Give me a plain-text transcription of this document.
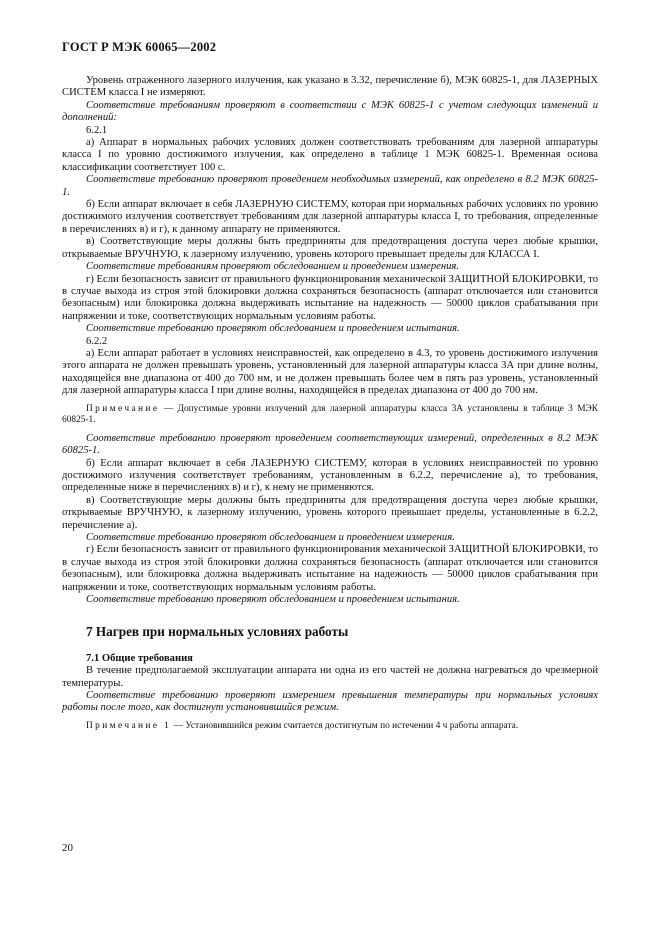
ГОСТ Р МЭК 60065—2002

Уровень отраженного лазерного излучения, как указано в 3.32, перечисление б), МЭК 60825-1, для ЛАЗЕРНЫХ СИСТЕМ класса I не измеряют.

Соответствие требованиям проверяют в соответствии с МЭК 60825-1 с учетом следующих изменений и дополнений:

6.2.1

а) Аппарат в нормальных рабочих условиях должен соответствовать требованиям для лазерной аппаратуры класса I по уровню достижимого излучения, как определено в таблице 1 МЭК 60825-1. Временная основа классификации соответствует 100 с.

Соответствие требованию проверяют проведением необходимых измерений, как определено в 8.2 МЭК 60825-1.

б) Если аппарат включает в себя ЛАЗЕРНУЮ СИСТЕМУ, которая при нормальных рабочих условиях по уровню достижимого излучения соответствует требованиям для лазерной аппаратуры класса I, то требования, определенные в перечислениях в) и г), к данному аппарату не применяются.

в) Соответствующие меры должны быть предприняты для предотвращения доступа через любые крышки, открываемые ВРУЧНУЮ, к лазерному излучению, уровень которого превышает пределы для КЛАССА I.

Соответствие требованиям проверяют обследованием и проведением измерения.

г) Если безопасность зависит от правильного функционирования механической ЗАЩИТНОЙ БЛОКИРОВКИ, то в случае выхода из строя этой блокировки должна сохраняться безопасность (аппарат отключается или становится безопасным) или блокировка должна выдерживать испытание на надежность — 50000 циклов срабатывания при напряжении и токе, соответствующих нормальным условиям работы.

Соответствие требованию проверяют обследованием и проведением испытания.

6.2.2

а) Если аппарат работает в условиях неисправностей, как определено в 4.3, то уровень достижимого излучения этого аппарата не должен превышать уровень, установленный для лазерной аппаратуры класса 3А при длине волны, находящейся вне диапазона от 400 до 700 нм, и не должен превышать более чем в пять раз уровень, установленный для лазерной аппаратуры класса I при длине волны, находящейся в пределах диапазона от 400 до 700 нм.

Примечание — Допустимые уровни излучений для лазерной аппаратуры класса 3А установлены в таблице 3 МЭК 60825-1.

Соответствие требованию проверяют проведением соответствующих измерений, определенных в 8.2 МЭК 60825-1.

б) Если аппарат включает в себя ЛАЗЕРНУЮ СИСТЕМУ, которая в условиях неисправностей по уровню достижимого излучения соответствует требованиям, установленным в 6.2.2, перечисление а), то требования, определенные ниже в перечислениях в) и г), к нему не применяются.

в) Соответствующие меры должны быть предприняты для предотвращения доступа через любые крышки, открываемые ВРУЧНУЮ, к лазерному излучению, уровень которого превышает пределы, установленные в 6.2.2, перечисление а).

Соответствие требованию проверяют обследованием и проведением измерения.

г) Если безопасность зависит от правильного функционирования механической ЗАЩИТНОЙ БЛОКИРОВКИ, то в случае выхода из строя этой блокировки должна сохраняться безопасность (аппарат отключается или становится безопасным), или блокировка должна выдерживать испытание на надежность — 50000 циклов срабатывания при напряжении и токе, соответствующих нормальным условиям работы.

Соответствие требованию проверяют обследованием и проведением испытания.

7 Нагрев при нормальных условиях работы
7.1 Общие требования

В течение предполагаемой эксплуатации аппарата ни одна из его частей не должна нагреваться до чрезмерной температуры.

Соответствие требованию проверяют измерением превышения температуры при нормальных условиях работы после того, как достигнут установившийся режим.

Примечание 1 — Установившийся режим считается достигнутым по истечении 4 ч работы аппарата.

20
